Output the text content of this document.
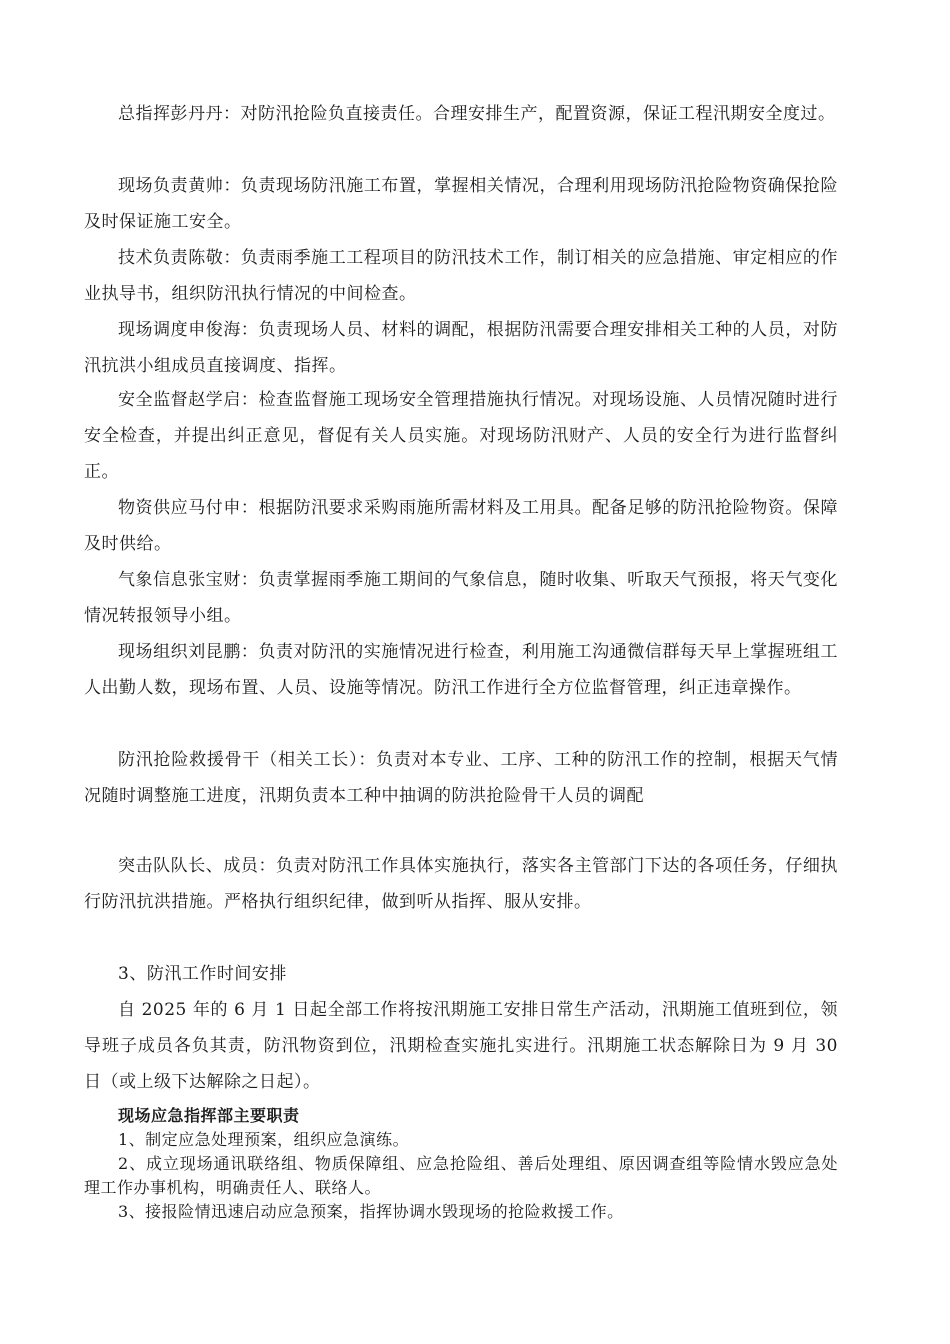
总指挥彭丹丹：对防汛抢险负直接责任。合理安排生产，配置资源，保证工程汛期安全度过。

现场负责黄帅：负责现场防汛施工布置，掌握相关情况，合理利用现场防汛抢险物资确保抢险及时保证施工安全。

技术负责陈敬：负责雨季施工工程项目的防汛技术工作，制订相关的应急措施、审定相应的作业执导书，组织防汛执行情况的中间检查。

现场调度申俊海：负责现场人员、材料的调配，根据防汛需要合理安排相关工种的人员，对防汛抗洪小组成员直接调度、指挥。

安全监督赵学启：检查监督施工现场安全管理措施执行情况。对现场设施、人员情况随时进行安全检查，并提出纠正意见，督促有关人员实施。对现场防汛财产、人员的安全行为进行监督纠正。

物资供应马付申：根据防汛要求采购雨施所需材料及工用具。配备足够的防汛抢险物资。保障及时供给。

气象信息张宝财：负责掌握雨季施工期间的气象信息，随时收集、听取天气预报，将天气变化情况转报领导小组。

现场组织刘昆鹏：负责对防汛的实施情况进行检查，利用施工沟通微信群每天早上掌握班组工人出勤人数，现场布置、人员、设施等情况。防汛工作进行全方位监督管理，纠正违章操作。

防汛抢险救援骨干（相关工长）：负责对本专业、工序、工种的防汛工作的控制，根据天气情况随时调整施工进度，汛期负责本工种中抽调的防洪抢险骨干人员的调配

突击队队长、成员：负责对防汛工作具体实施执行，落实各主管部门下达的各项任务，仔细执行防汛抗洪措施。严格执行组织纪律，做到听从指挥、服从安排。

3、防汛工作时间安排

自 2025 年的 6 月 1 日起全部工作将按汛期施工安排日常生产活动，汛期施工值班到位，领导班子成员各负其责，防汛物资到位，汛期检查实施扎实进行。汛期施工状态解除日为 9 月 30 日（或上级下达解除之日起）。

现场应急指挥部主要职责
1、制定应急处理预案，组织应急演练。
2、成立现场通讯联络组、物质保障组、应急抢险组、善后处理组、原因调查组等险情水毁应急处理工作办事机构，明确责任人、联络人。
3、接报险情迅速启动应急预案，指挥协调水毁现场的抢险救援工作。
